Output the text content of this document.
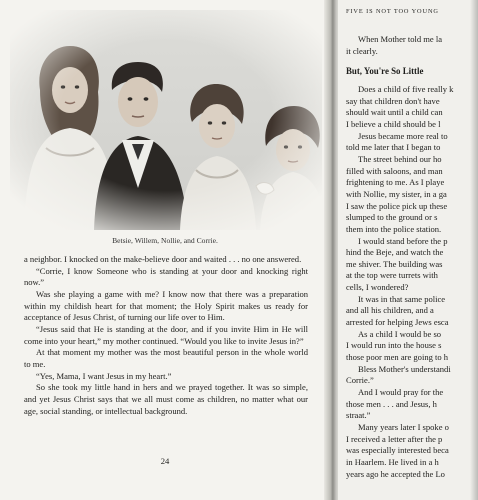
Betsie, Willem, Nollie, and Corrie.

a neighbor. I knocked on the make-believe door and waited . . . no one answered.

“Corrie, I know Someone who is standing at your door and knocking right now.”

Was she playing a game with me? I know now that there was a preparation within my childish heart for that moment; the Holy Spirit makes us ready for acceptance of Jesus Christ, of turning our life over to Him.

“Jesus said that He is standing at the door, and if you invite Him in He will come into your heart,” my mother continued. “Would you like to invite Jesus in?”

At that moment my mother was the most beautiful person in the whole world to me.

“Yes, Mama, I want Jesus in my heart.”

So she took my little hand in hers and we prayed together. It was so simple, and yet Jesus Christ says that we all must come as children, no matter what our age, social standing, or intellectual background.

24
FIVE IS NOT TOO YOUNG

When Mother told me la

it clearly.

But, You're So Little

Does a child of five really k

say that children don't have

should wait until a child can

I believe a child should be l

Jesus became more real to

told me later that I began to

The street behind our ho

filled with saloons, and man

frightening to me. As I playe

with Nollie, my sister, in a ga

I saw the police pick up these

slumped to the ground or s

them into the police station.

I would stand before the p

hind the Beje, and watch the

me shiver. The building was

at the top were turrets with

cells, I wondered?

It was in that same police

and all his children, and a

arrested for helping Jews esca

As a child I would be so

I would run into the house s

those poor men are going to h

Bless Mother's understandi

Corrie.”

And I would pray for the

those men . . . and Jesus, h

straat.”

Many years later I spoke o

I received a letter after the p

was especially interested beca

in Haarlem. He lived in a h

years ago he accepted the Lo
